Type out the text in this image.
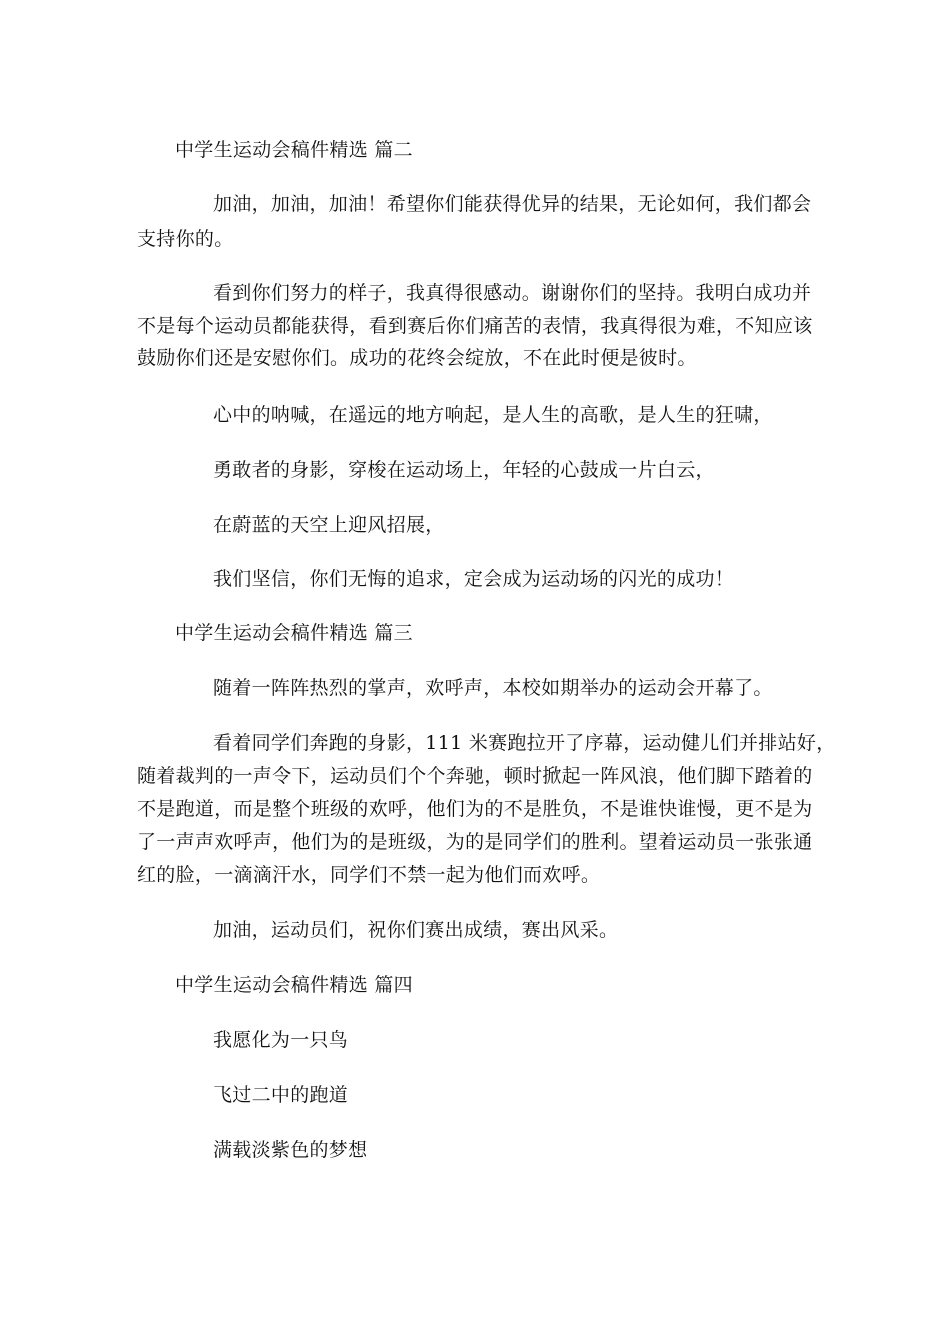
中学生运动会稿件精选 篇二
加油，加油，加油！希望你们能获得优异的结果，无论如何，我们都会
支持你的。
看到你们努力的样子，我真得很感动。谢谢你们的坚持。我明白成功并
不是每个运动员都能获得，看到赛后你们痛苦的表情，我真得很为难，不知应该
鼓励你们还是安慰你们。成功的花终会绽放，不在此时便是彼时。
心中的呐喊，在遥远的地方响起，是人生的高歌，是人生的狂啸，
勇敢者的身影，穿梭在运动场上，年轻的心鼓成一片白云，
在蔚蓝的天空上迎风招展，
我们坚信，你们无悔的追求，定会成为运动场的闪光的成功！
中学生运动会稿件精选 篇三
随着一阵阵热烈的掌声，欢呼声，本校如期举办的运动会开幕了。
看着同学们奔跑的身影，111 米赛跑拉开了序幕，运动健儿们并排站好，
随着裁判的一声令下，运动员们个个奔驰，顿时掀起一阵风浪，他们脚下踏着的
不是跑道，而是整个班级的欢呼，他们为的不是胜负，不是谁快谁慢，更不是为
了一声声欢呼声，他们为的是班级，为的是同学们的胜利。望着运动员一张张通
红的脸，一滴滴汗水，同学们不禁一起为他们而欢呼。
加油，运动员们，祝你们赛出成绩，赛出风采。
中学生运动会稿件精选 篇四
我愿化为一只鸟
飞过二中的跑道
满载淡紫色的梦想
